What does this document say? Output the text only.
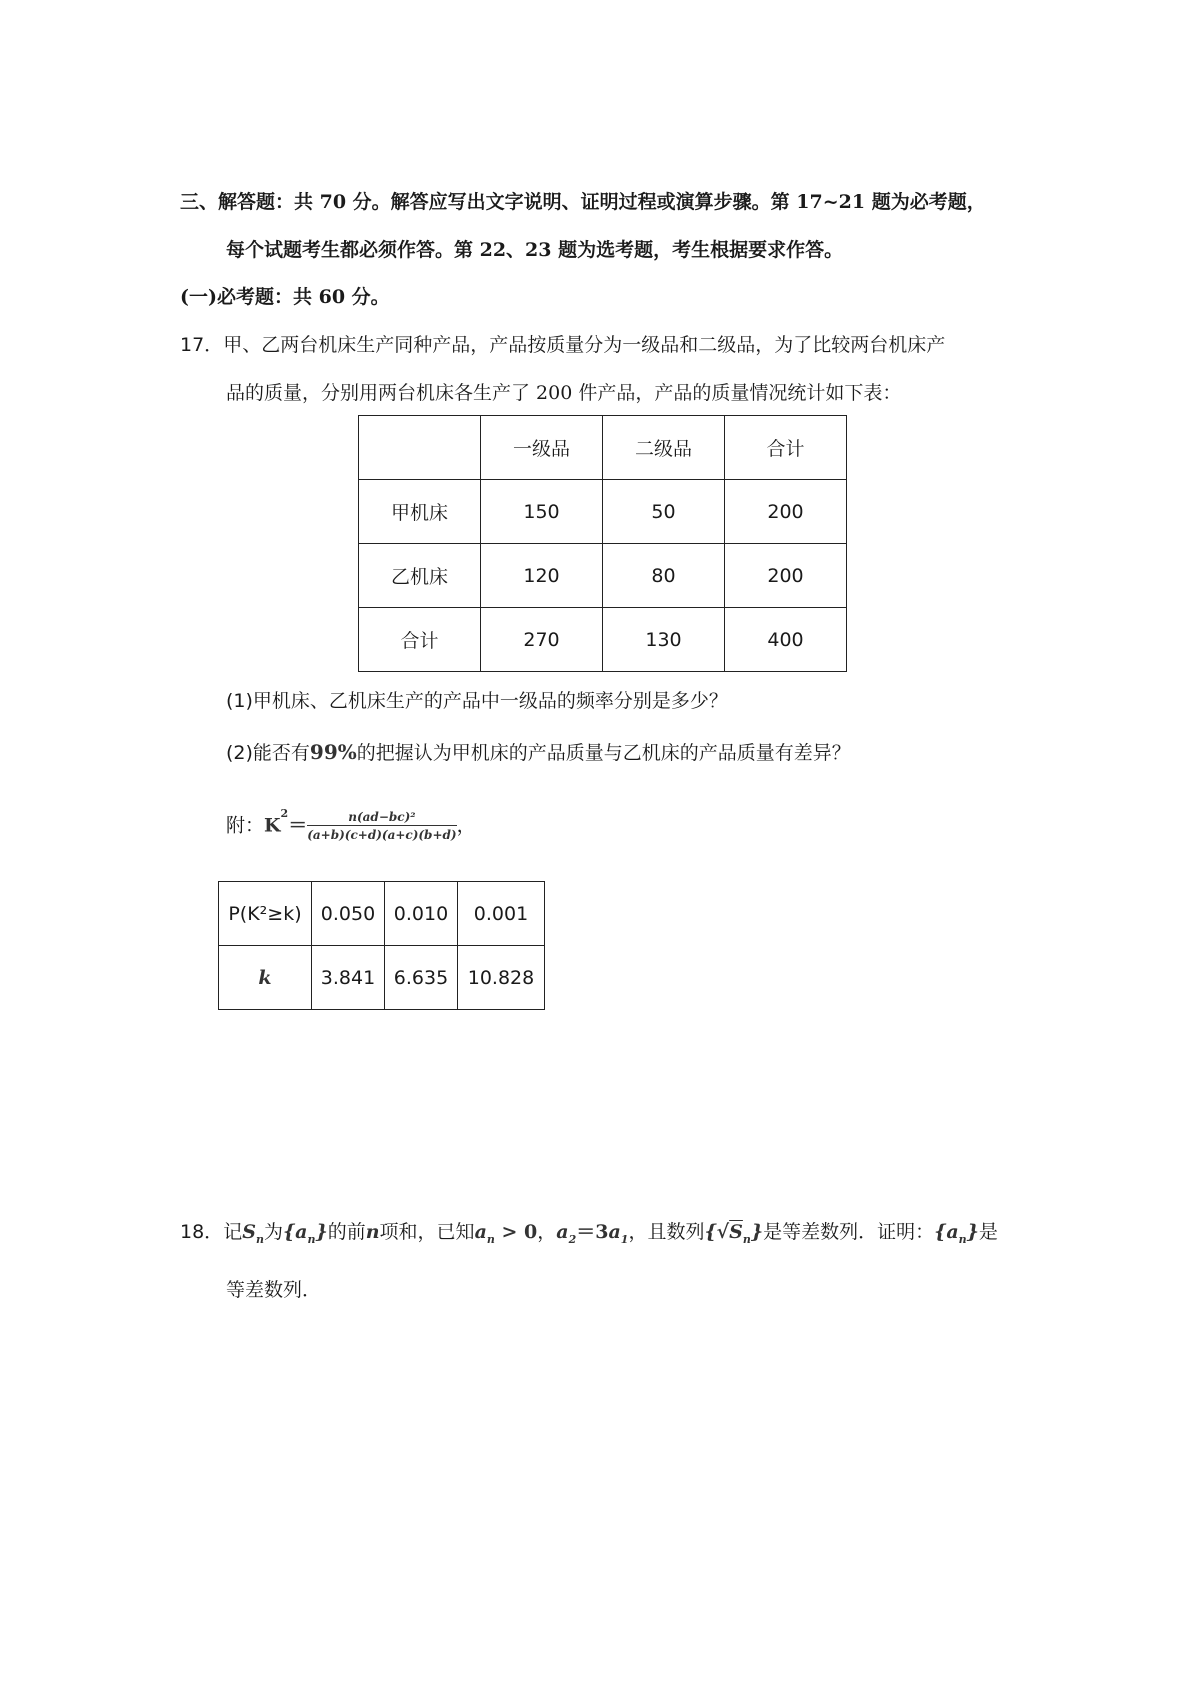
三、解答题：共 70 分。解答应写出文字说明、证明过程或演算步骤。第 17~21 题为必考题，
每个试题考生都必须作答。第 22、23 题为选考题，考生根据要求作答。
(一)必考题：共 60 分。
17．甲、乙两台机床生产同种产品，产品按质量分为一级品和二级品，为了比较两台机床产
品的质量，分别用两台机床各生产了 200 件产品，产品的质量情况统计如下表：
	一级品	二级品	合计
甲机床	150	50	200
乙机床	120	80	200
合计	270	130	400
(1)甲机床、乙机床生产的产品中一级品的频率分别是多少？
(2)能否有99%的把握认为甲机床的产品质量与乙机床的产品质量有差异？
附：$K^2= \frac{\text{n(ad−bc)²}}{(a+b)(c+d)(a+c)(b+d)}$ ，
P(K²≥k)	0.050	0.010	0.001
k	3.841	6.635	10.828
18．记$S_n$为$\{a_n\}$的前n项和，已知$a_n > 0$，$a_2=3a_1$，且数列$\{√S_n\}$是等差数列．证明：$\{a_n\}$是
等差数列．
